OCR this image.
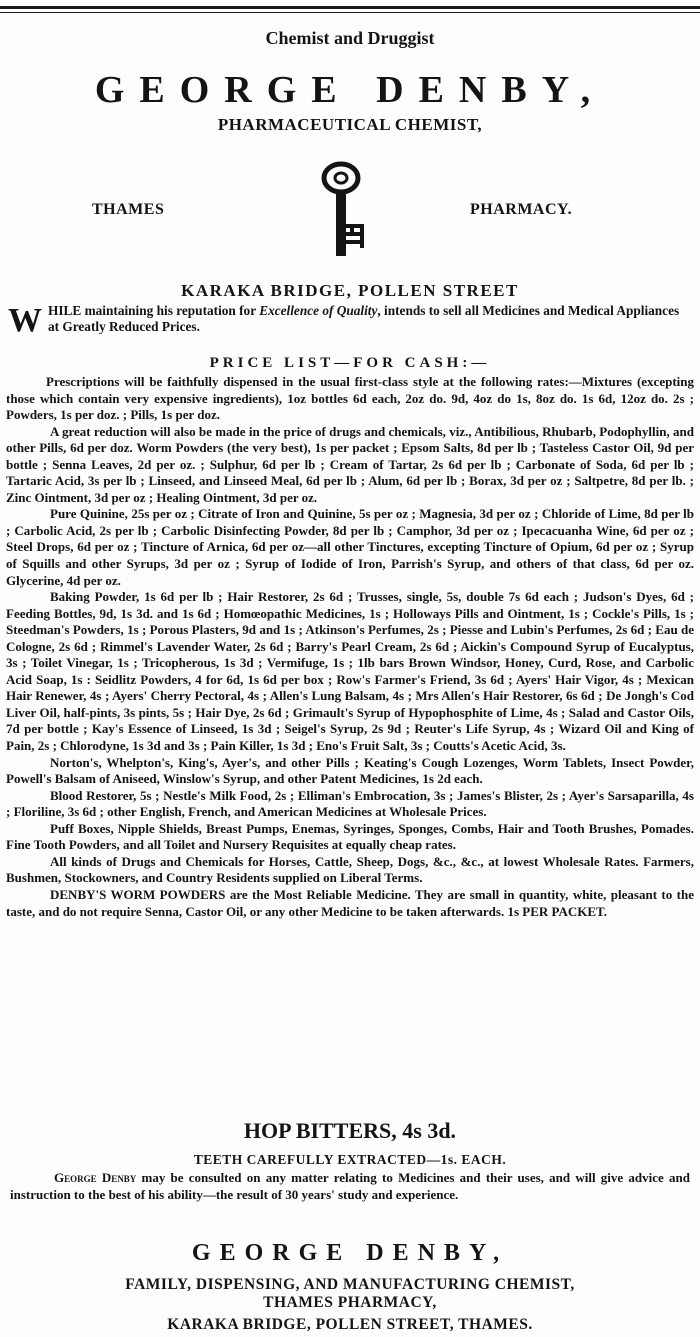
Chemist and Druggist
GEORGE DENBY,
PHARMACEUTICAL CHEMIST,
THAMES	PHARMACY.
KARAKA BRIDGE, POLLEN STREET
WHILE maintaining his reputation for Excellence of Quality, intends to sell all Medicines and Medical Appliances at Greatly Reduced Prices.
PRICE LIST—FOR CASH:—

Prescriptions will be faithfully dispensed in the usual first-class style at the following rates:—Mixtures (excepting those which contain very expensive ingredients), 1oz bottles 6d each, 2oz do. 9d, 4oz do 1s, 8oz do. 1s 6d, 12oz do. 2s ; Powders, 1s per doz. ; Pills, 1s per doz.

A great reduction will also be made in the price of drugs and chemicals, viz., Antibilious, Rhubarb, Podophyllin, and other Pills, 6d per doz. Worm Powders (the very best), 1s per packet ; Epsom Salts, 8d per lb ; Tasteless Castor Oil, 9d per bottle ; Senna Leaves, 2d per oz. ; Sulphur, 6d per lb ; Cream of Tartar, 2s 6d per lb ; Carbonate of Soda, 6d per lb ; Tartaric Acid, 3s per lb ; Linseed, and Linseed Meal, 6d per lb ; Alum, 6d per lb ; Borax, 3d per oz ; Saltpetre, 8d per lb. ; Zinc Ointment, 3d per oz ; Healing Ointment, 3d per oz.

Pure Quinine, 25s per oz ; Citrate of Iron and Quinine, 5s per oz ; Magnesia, 3d per oz ; Chloride of Lime, 8d per lb ; Carbolic Acid, 2s per lb ; Carbolic Disinfecting Powder, 8d per lb ; Camphor, 3d per oz ; Ipecacuanha Wine, 6d per oz ; Steel Drops, 6d per oz ; Tincture of Arnica, 6d per oz—all other Tinctures, excepting Tincture of Opium, 6d per oz ; Syrup of Squills and other Syrups, 3d per oz ; Syrup of Iodide of Iron, Parrish's Syrup, and others of that class, 6d per oz. Glycerine, 4d per oz.

Baking Powder, 1s 6d per lb ; Hair Restorer, 2s 6d ; Trusses, single, 5s, double 7s 6d each ; Judson's Dyes, 6d ; Feeding Bottles, 9d, 1s 3d. and 1s 6d ; Homœopathic Medicines, 1s ; Holloways Pills and Ointment, 1s ; Cockle's Pills, 1s ; Steedman's Powders, 1s ; Porous Plasters, 9d and 1s ; Atkinson's Perfumes, 2s ; Piesse and Lubin's Perfumes, 2s 6d ; Eau de Cologne, 2s 6d ; Rimmel's Lavender Water, 2s 6d ; Barry's Pearl Cream, 2s 6d ; Aickin's Compound Syrup of Eucalyptus, 3s ; Toilet Vinegar, 1s ; Tricopherous, 1s 3d ; Vermifuge, 1s ; 1lb bars Brown Windsor, Honey, Curd, Rose, and Carbolic Acid Soap, 1s : Seidlitz Powders, 4 for 6d, 1s 6d per box ; Row's Farmer's Friend, 3s 6d ; Ayers' Hair Vigor, 4s ; Mexican Hair Renewer, 4s ; Ayers' Cherry Pectoral, 4s ; Allen's Lung Balsam, 4s ; Mrs Allen's Hair Restorer, 6s 6d ; De Jongh's Cod Liver Oil, half-pints, 3s pints, 5s ; Hair Dye, 2s 6d ; Grimault's Syrup of Hypophosphite of Lime, 4s ; Salad and Castor Oils, 7d per bottle ; Kay's Essence of Linseed, 1s 3d ; Seigel's Syrup, 2s 9d ; Reuter's Life Syrup, 4s ; Wizard Oil and King of Pain, 2s ; Chlorodyne, 1s 3d and 3s ; Pain Killer, 1s 3d ; Eno's Fruit Salt, 3s ; Coutts's Acetic Acid, 3s.

Norton's, Whelpton's, King's, Ayer's, and other Pills ; Keating's Cough Lozenges, Worm Tablets, Insect Powder, Powell's Balsam of Aniseed, Winslow's Syrup, and other Patent Medicines, 1s 2d each.

Blood Restorer, 5s ; Nestle's Milk Food, 2s ; Elliman's Embrocation, 3s ; James's Blister, 2s ; Ayer's Sarsaparilla, 4s ; Floriline, 3s 6d ; other English, French, and American Medicines at Wholesale Prices.

Puff Boxes, Nipple Shields, Breast Pumps, Enemas, Syringes, Sponges, Combs, Hair and Tooth Brushes, Pomades. Fine Tooth Powders, and all Toilet and Nursery Requisites at equally cheap rates.

All kinds of Drugs and Chemicals for Horses, Cattle, Sheep, Dogs, &c., &c., at lowest Wholesale Rates. Farmers, Bushmen, Stockowners, and Country Residents supplied on Liberal Terms.

DENBY'S WORM POWDERS are the Most Reliable Medicine. They are small in quantity, white, pleasant to the taste, and do not require Senna, Castor Oil, or any other Medicine to be taken afterwards. 1s PER PACKET.

HOP BITTERS, 4s 3d.
TEETH CAREFULLY EXTRACTED—1s. EACH.
George Denby may be consulted on any matter relating to Medicines and their uses, and will give advice and instruction to the best of his ability—the result of 30 years' study and experience.
GEORGE DENBY,
FAMILY, DISPENSING, AND MANUFACTURING CHEMIST,
THAMES PHARMACY,
KARAKA BRIDGE, POLLEN STREET, THAMES.
